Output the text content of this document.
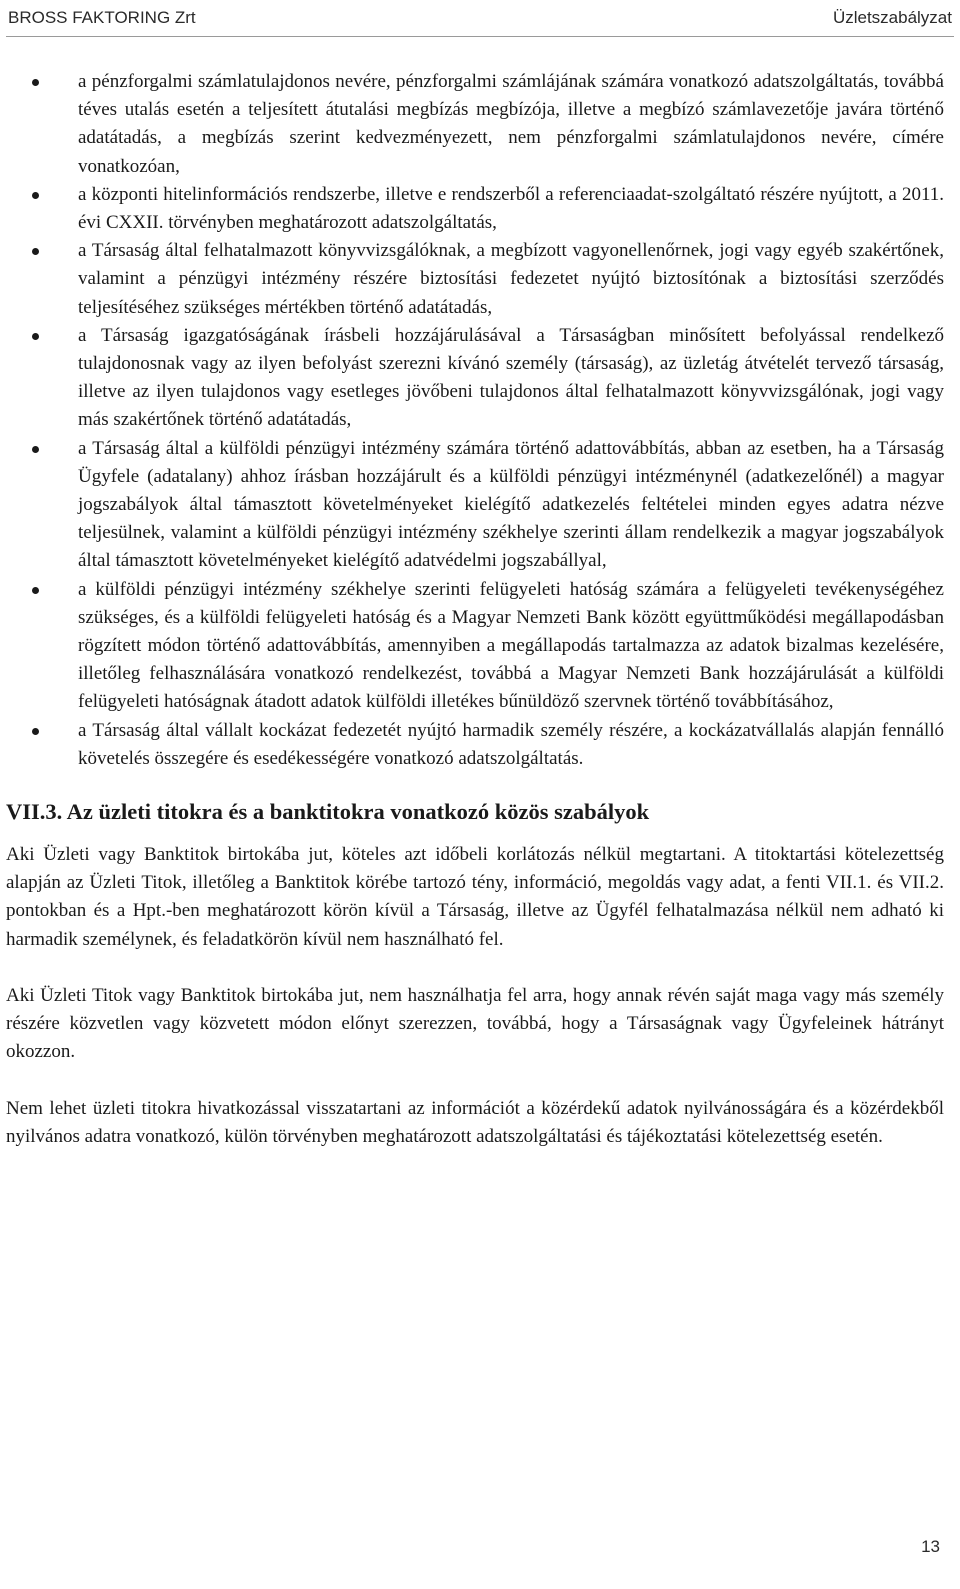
BROSS FAKTORING Zrt	Üzletszabályzat
a pénzforgalmi számlatulajdonos nevére, pénzforgalmi számlájának számára vonatkozó adatszolgáltatás, továbbá téves utalás esetén a teljesített átutalási megbízás megbízója, illetve a megbízó számlavezetője javára történő adatátadás, a megbízás szerint kedvezményezett, nem pénzforgalmi számlatulajdonos nevére, címére vonatkozóan,
a központi hitelinformációs rendszerbe, illetve e rendszerből a referenciaadat-szolgáltató részére nyújtott, a 2011. évi CXXII. törvényben meghatározott adatszolgáltatás,
a Társaság által felhatalmazott könyvvizsgálóknak, a megbízott vagyonellenőrnek, jogi vagy egyéb szakértőnek, valamint a pénzügyi intézmény részére biztosítási fedezetet nyújtó biztosítónak a biztosítási szerződés teljesítéséhez szükséges mértékben történő adatátadás,
a Társaság igazgatóságának írásbeli hozzájárulásával a Társaságban minősített befolyással rendelkező tulajdonosnak vagy az ilyen befolyást szerezni kívánó személy (társaság), az üzletág átvételét tervező társaság, illetve az ilyen tulajdonos vagy esetleges jövőbeni tulajdonos által felhatalmazott könyvvizsgálónak, jogi vagy más szakértőnek történő adatátadás,
a Társaság által a külföldi pénzügyi intézmény számára történő adattovábbítás, abban az esetben, ha a Társaság Ügyfele (adatalany) ahhoz írásban hozzájárult és a külföldi pénzügyi intézménynél (adatkezelőnél) a magyar jogszabályok által támasztott követelményeket kielégítő adatkezelés feltételei minden egyes adatra nézve teljesülnek, valamint a külföldi pénzügyi intézmény székhelye szerinti állam rendelkezik a magyar jogszabályok által támasztott követelményeket kielégítő adatvédelmi jogszabállyal,
a külföldi pénzügyi intézmény székhelye szerinti felügyeleti hatóság számára a felügyeleti tevékenységéhez szükséges, és a külföldi felügyeleti hatóság és a Magyar Nemzeti Bank között együttműködési megállapodásban rögzített módon történő adattovábbítás, amennyiben a megállapodás tartalmazza az adatok bizalmas kezelésére, illetőleg felhasználására vonatkozó rendelkezést, továbbá a Magyar Nemzeti Bank hozzájárulását a külföldi felügyeleti hatóságnak átadott adatok külföldi illetékes bűnüldöző szervnek történő továbbításához,
a Társaság által vállalt kockázat fedezetét nyújtó harmadik személy részére, a kockázatvállalás alapján fennálló követelés összegére és esedékességére vonatkozó adatszolgáltatás.
VII.3. Az üzleti titokra és a banktitokra vonatkozó közös szabályok

Aki Üzleti vagy Banktitok birtokába jut, köteles azt időbeli korlátozás nélkül megtartani. A titoktartási kötelezettség alapján az Üzleti Titok, illetőleg a Banktitok körébe tartozó tény, információ, megoldás vagy adat, a fenti VII.1. és VII.2. pontokban és a Hpt.-ben meghatározott körön kívül a Társaság, illetve az Ügyfél felhatalmazása nélkül nem adható ki harmadik személynek, és feladatkörön kívül nem használható fel.

Aki Üzleti Titok vagy Banktitok birtokába jut, nem használhatja fel arra, hogy annak révén saját maga vagy más személy részére közvetlen vagy közvetett módon előnyt szerezzen, továbbá, hogy a Társaságnak vagy Ügyfeleinek hátrányt okozzon.

Nem lehet üzleti titokra hivatkozással visszatartani az információt a közérdekű adatok nyilvánosságára és a közérdekből nyilvános adatra vonatkozó, külön törvényben meghatározott adatszolgáltatási és tájékoztatási kötelezettség esetén.

13
